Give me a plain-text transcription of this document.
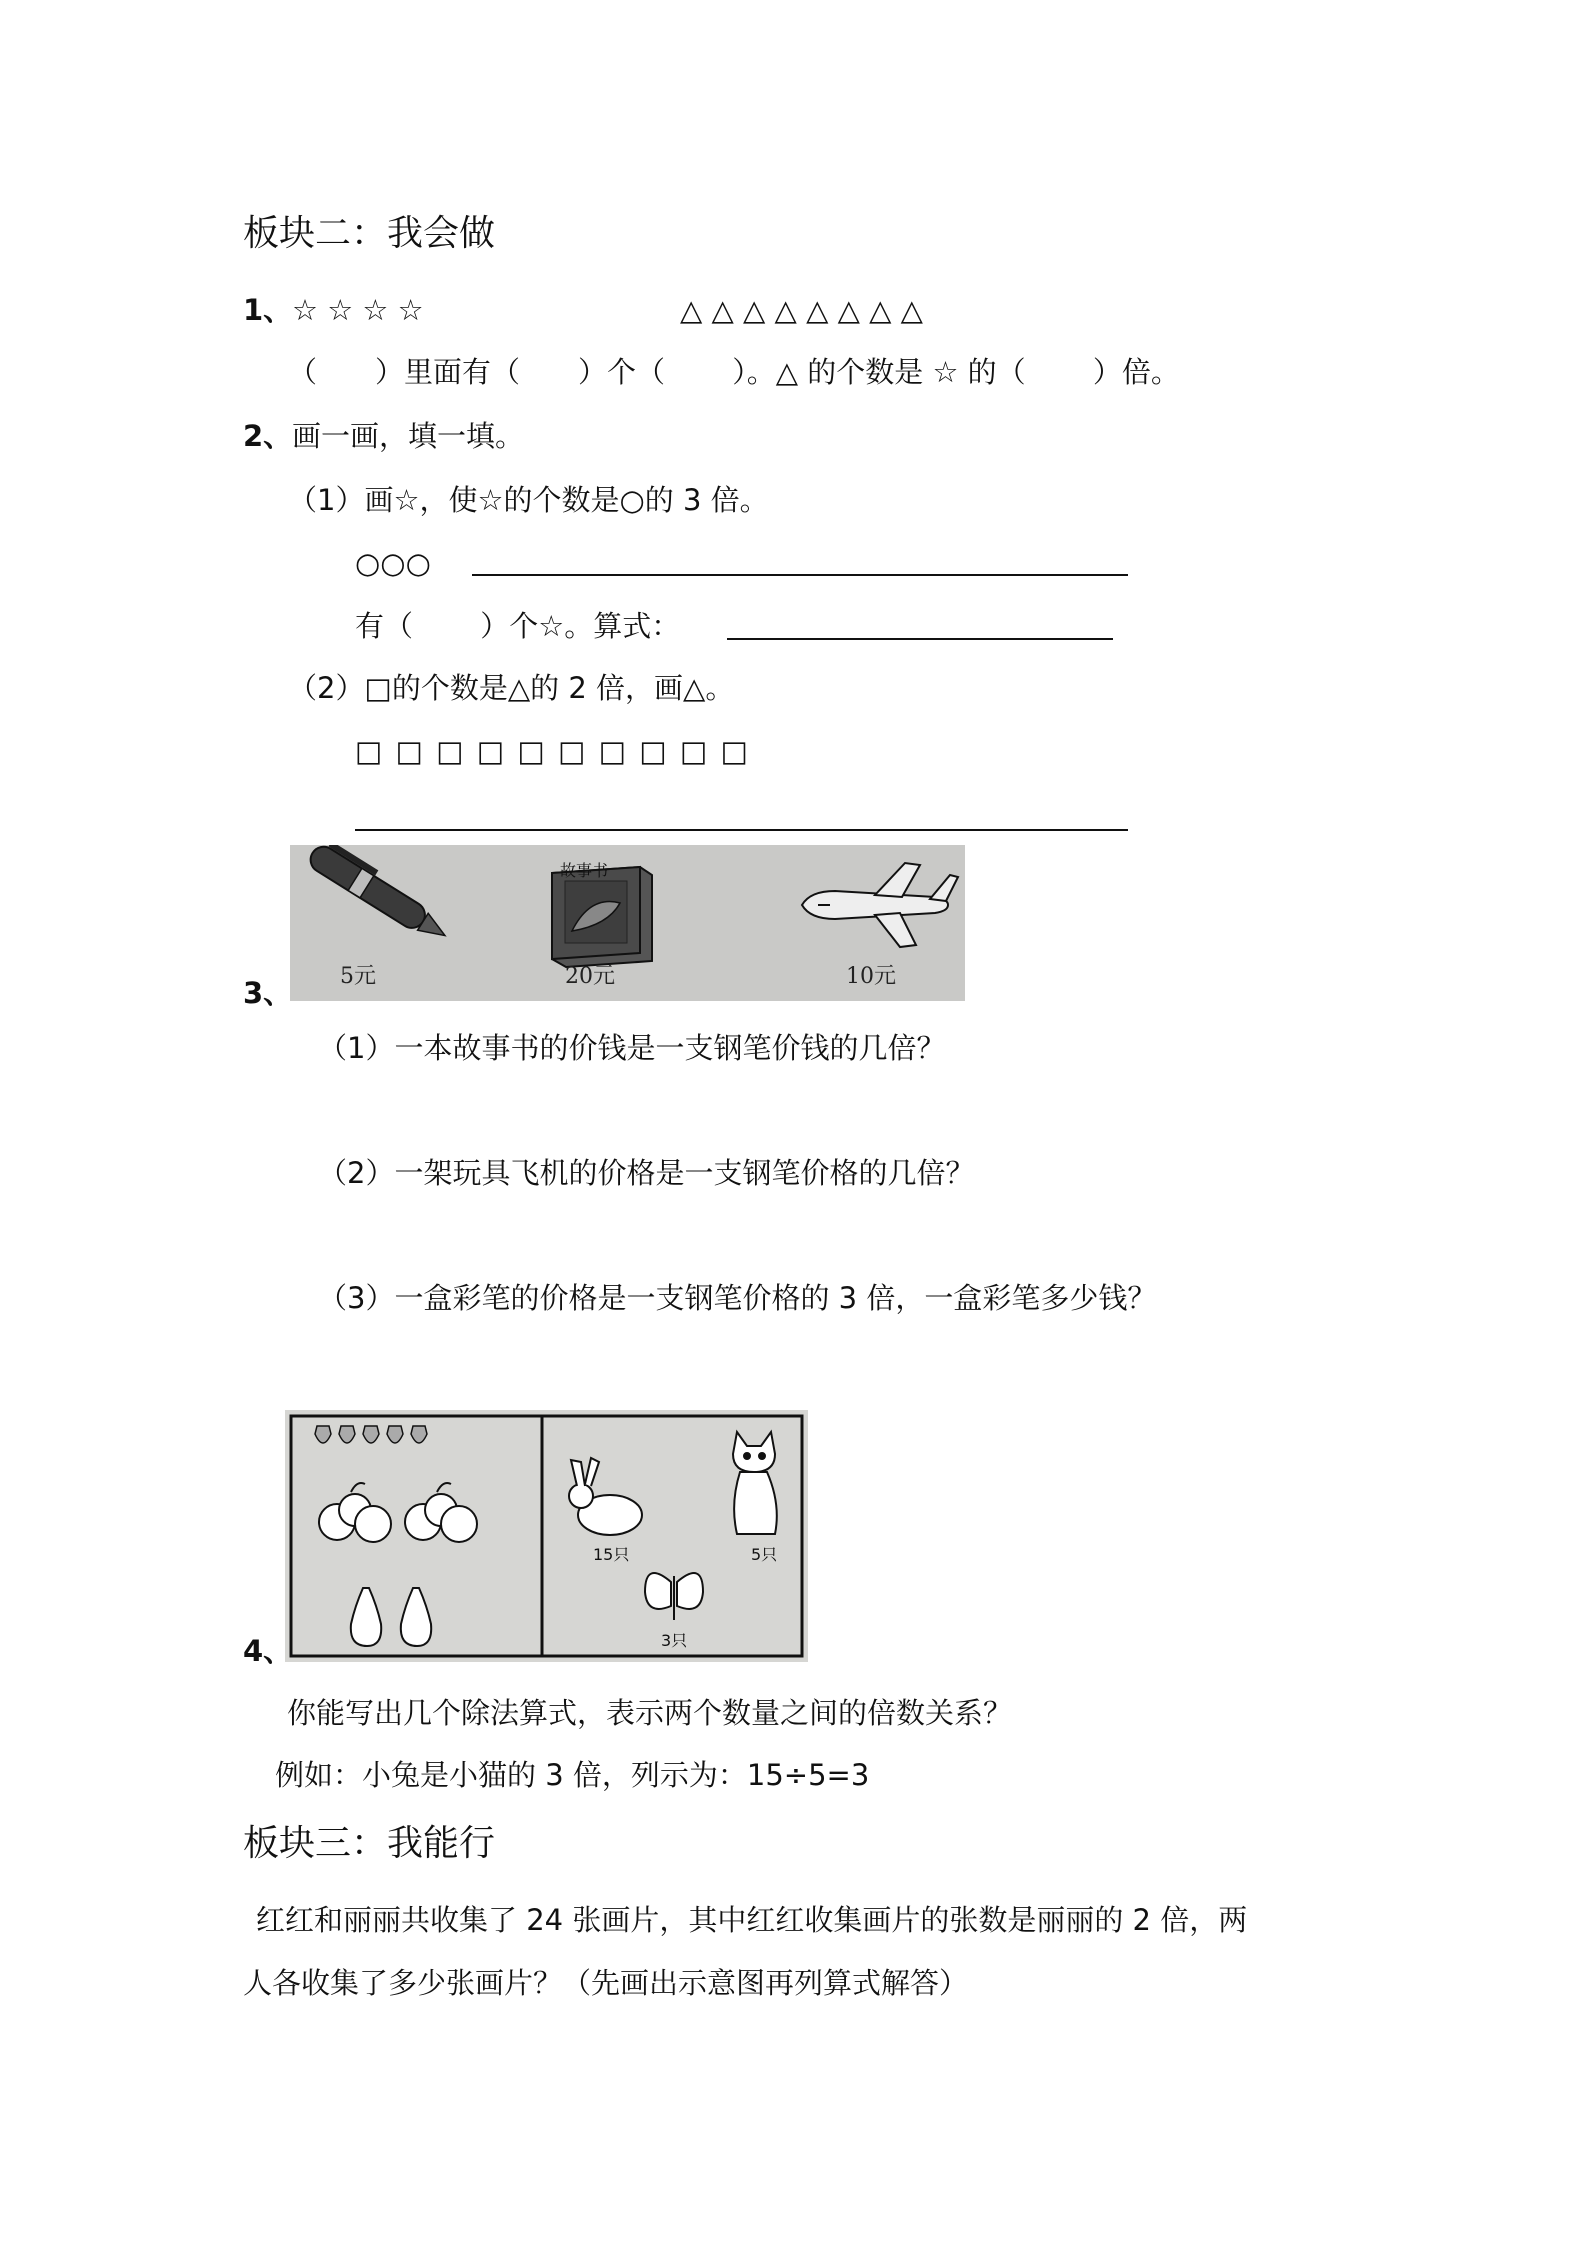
板块二：我会做
1、 ☆ ☆ ☆ ☆	△ △ △ △ △ △ △ △
（　　）里面有（　　）个（　　 ）。△ 的个数是 ☆ 的（　　 ）倍。
2、 画一画，填一填。
（1）画☆，使☆的个数是○的 3 倍。
○○○
有（　　 ）个☆。算式：
（2）□的个数是△的 2 倍，画△。
□ □ □ □ □ □ □ □ □ □
5元
故事书
20元	10元
3、
（1）一本故事书的价钱是一支钢笔价钱的几倍？
（2）一架玩具飞机的价格是一支钢笔价格的几倍？
（3）一盒彩笔的价格是一支钢笔价格的 3 倍，一盒彩笔多少钱？
15只	5只
3只
4、
你能写出几个除法算式，表示两个数量之间的倍数关系？
例如：小兔是小猫的 3 倍，列示为：15÷5=3
板块三：我能行
红红和丽丽共收集了 24 张画片，其中红红收集画片的张数是丽丽的 2 倍，两
人各收集了多少张画片？（先画出示意图再列算式解答）
